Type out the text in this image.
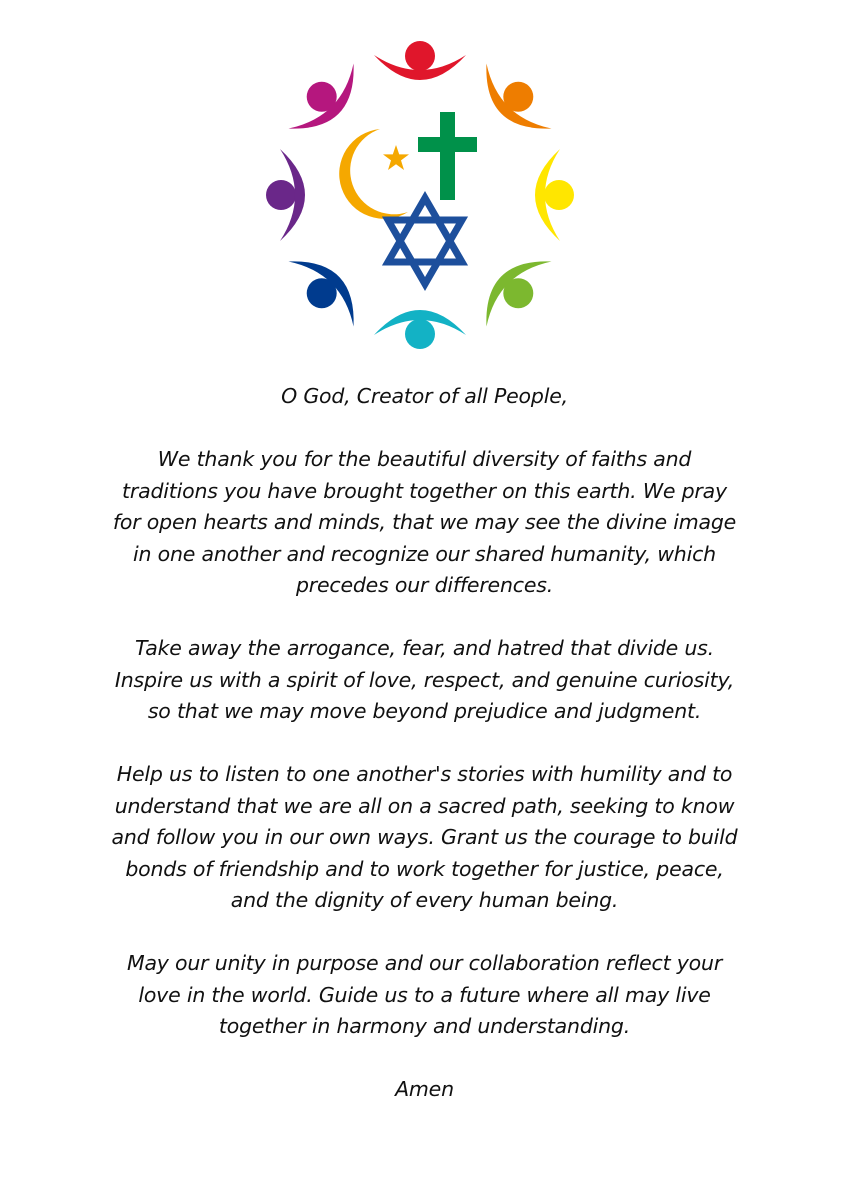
O God, Creator of all People,
We thank you for the beautiful diversity of faiths and
traditions you have brought together on this earth. We pray
for open hearts and minds, that we may see the divine image
in one another and recognize our shared humanity, which
precedes our differences.
Take away the arrogance, fear, and hatred that divide us.
Inspire us with a spirit of love, respect, and genuine curiosity,
so that we may move beyond prejudice and judgment.
Help us to listen to one another's stories with humility and to
understand that we are all on a sacred path, seeking to know
and follow you in our own ways. Grant us the courage to build
bonds of friendship and to work together for justice, peace,
and the dignity of every human being.
May our unity in purpose and our collaboration reflect your
love in the world. Guide us to a future where all may live
together in harmony and understanding.
Amen
